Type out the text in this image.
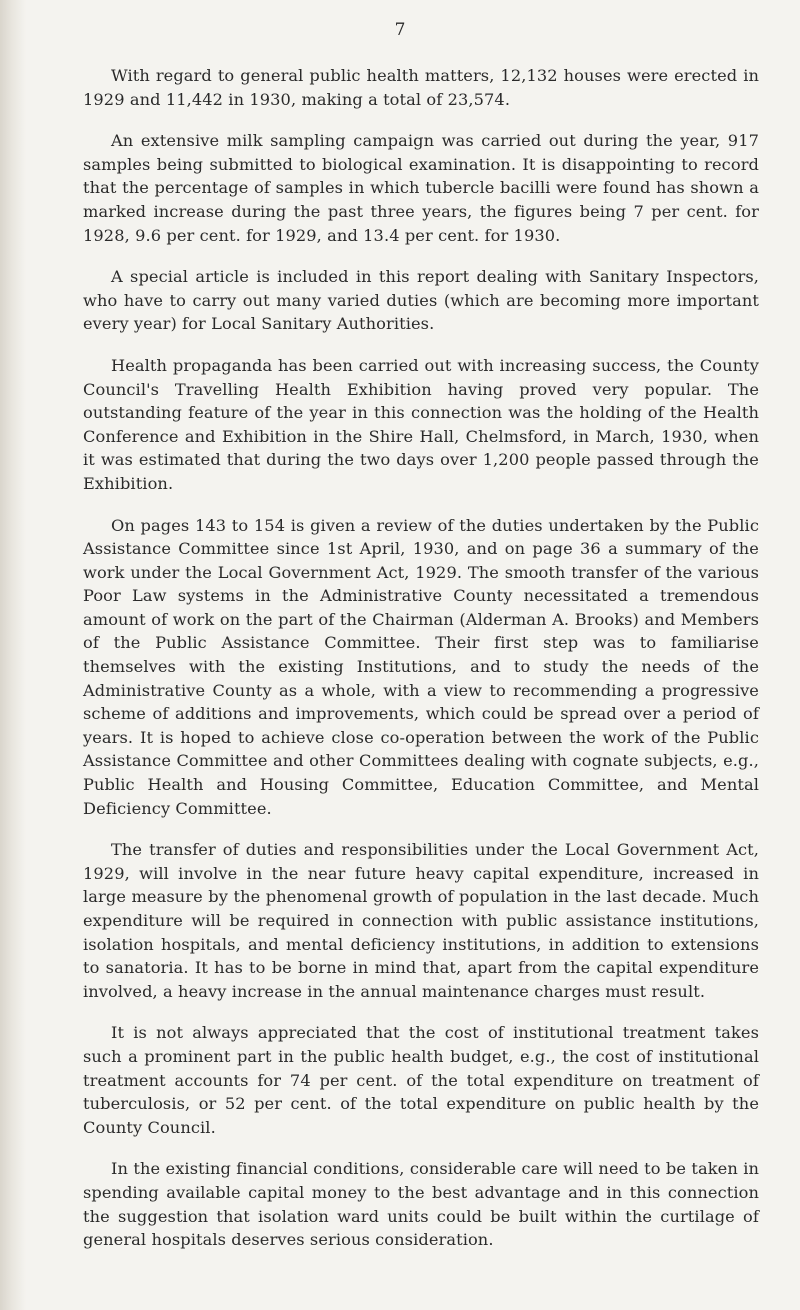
7

With regard to general public health matters, 12,132 houses were erected in 1929 and 11,442 in 1930, making a total of 23,574.

An extensive milk sampling campaign was carried out during the year, 917 samples being submitted to biological examination. It is disappointing to record that the percentage of samples in which tubercle bacilli were found has shown a marked increase during the past three years, the figures being 7 per cent. for 1928, 9.6 per cent. for 1929, and 13.4 per cent. for 1930.

A special article is included in this report dealing with Sanitary Inspectors, who have to carry out many varied duties (which are becoming more important every year) for Local Sanitary Authorities.

Health propaganda has been carried out with increasing success, the County Council's Travelling Health Exhibition having proved very popular. The outstanding feature of the year in this connection was the holding of the Health Conference and Exhibition in the Shire Hall, Chelmsford, in March, 1930, when it was estimated that during the two days over 1,200 people passed through the Exhibition.

On pages 143 to 154 is given a review of the duties undertaken by the Public Assistance Committee since 1st April, 1930, and on page 36 a summary of the work under the Local Government Act, 1929. The smooth transfer of the various Poor Law systems in the Administrative County necessitated a tremendous amount of work on the part of the Chairman (Alderman A. Brooks) and Members of the Public Assistance Committee. Their first step was to familiarise themselves with the existing Institutions, and to study the needs of the Administrative County as a whole, with a view to recommending a progressive scheme of additions and improvements, which could be spread over a period of years. It is hoped to achieve close co-operation between the work of the Public Assistance Committee and other Committees dealing with cognate subjects, e.g., Public Health and Housing Committee, Education Committee, and Mental Deficiency Committee.

The transfer of duties and responsibilities under the Local Government Act, 1929, will involve in the near future heavy capital expenditure, increased in large measure by the phenomenal growth of population in the last decade. Much expenditure will be required in connection with public assistance institutions, isolation hospitals, and mental deficiency institutions, in addition to extensions to sanatoria. It has to be borne in mind that, apart from the capital expenditure involved, a heavy increase in the annual maintenance charges must result.

It is not always appreciated that the cost of institutional treatment takes such a prominent part in the public health budget, e.g., the cost of institutional treatment accounts for 74 per cent. of the total expenditure on treatment of tuberculosis, or 52 per cent. of the total expenditure on public health by the County Council.

In the existing financial conditions, considerable care will need to be taken in spending available capital money to the best advantage and in this connection the suggestion that isolation ward units could be built within the curtilage of general hospitals deserves serious consideration.
